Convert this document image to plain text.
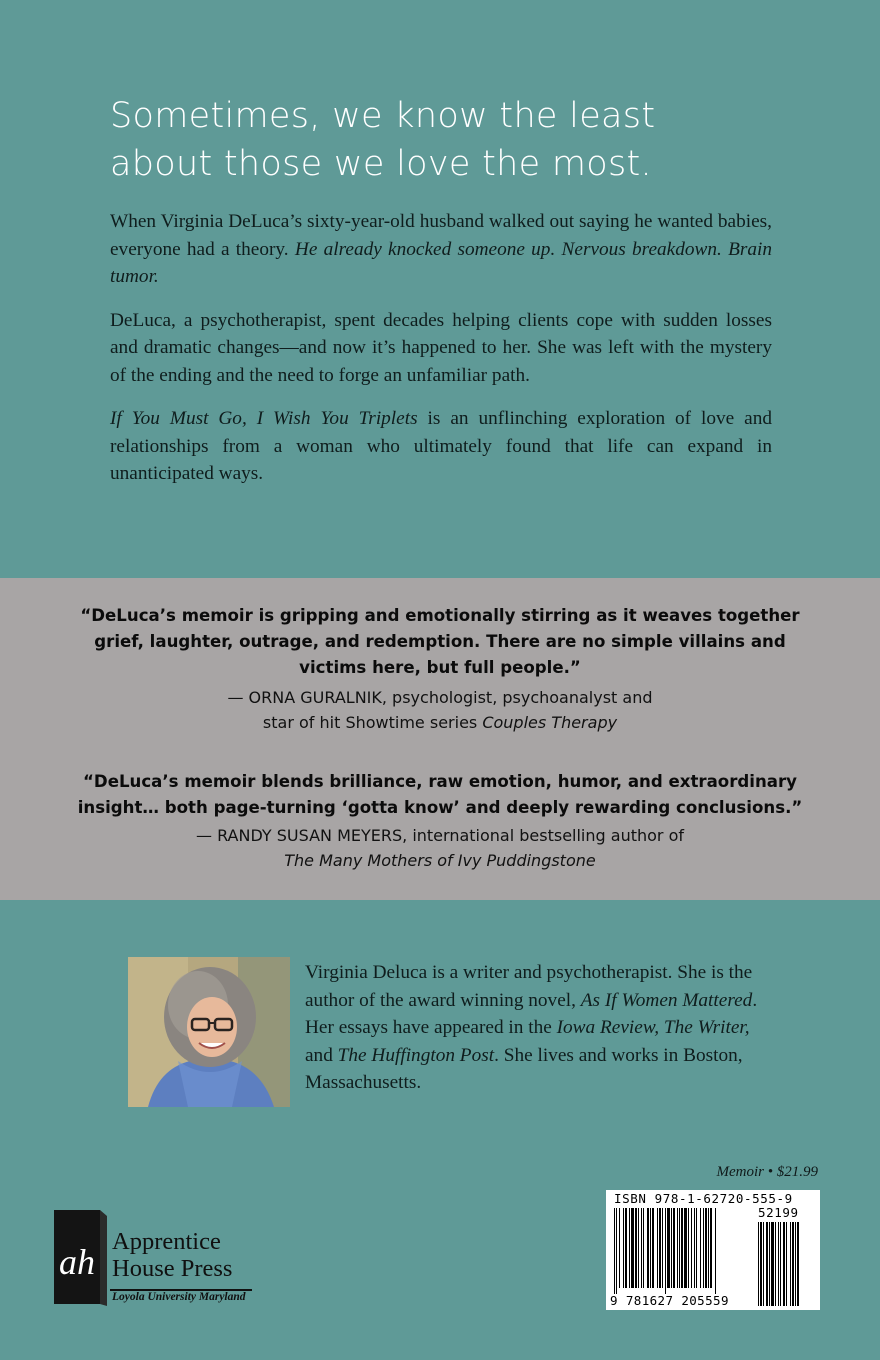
Sometimes, we know the least
about those we love the most.

When Virginia DeLuca’s sixty-year-old husband walked out saying he wanted babies, everyone had a theory. He already knocked someone up. Nervous breakdown. Brain tumor.

DeLuca, a psychotherapist, spent decades helping clients cope with sudden losses and dramatic changes—and now it’s happened to her. She was left with the mystery of the ending and the need to forge an unfamiliar path.

If You Must Go, I Wish You Triplets is an unflinching exploration of love and relationships from a woman who ultimately found that life can expand in unanticipated ways.

“DeLuca’s memoir is gripping and emotionally stirring as it weaves together grief, laughter, outrage, and redemption. There are no simple villains and victims here, but full people.”

— ORNA GURALNIK, psychologist, psychoanalyst and
star of hit Showtime series Couples Therapy

“DeLuca’s memoir blends brilliance, raw emotion, humor, and extraordinary insight… both page-turning ‘gotta know’ and deeply rewarding conclusions.”

— RANDY SUSAN MEYERS, international bestselling author of
The Many Mothers of Ivy Puddingstone

Virginia Deluca is a writer and psychotherapist. She is the author of the award winning novel, As If Women Mattered. Her essays have appeared in the Iowa Review, The Writer, and The Huffington Post. She lives and works in Boston, Massachusetts.

Memoir • $21.99

ISBN 978-1-62720-555-9
52199
9 781627 205559
ah
Apprentice
House Press
Loyola University Maryland
